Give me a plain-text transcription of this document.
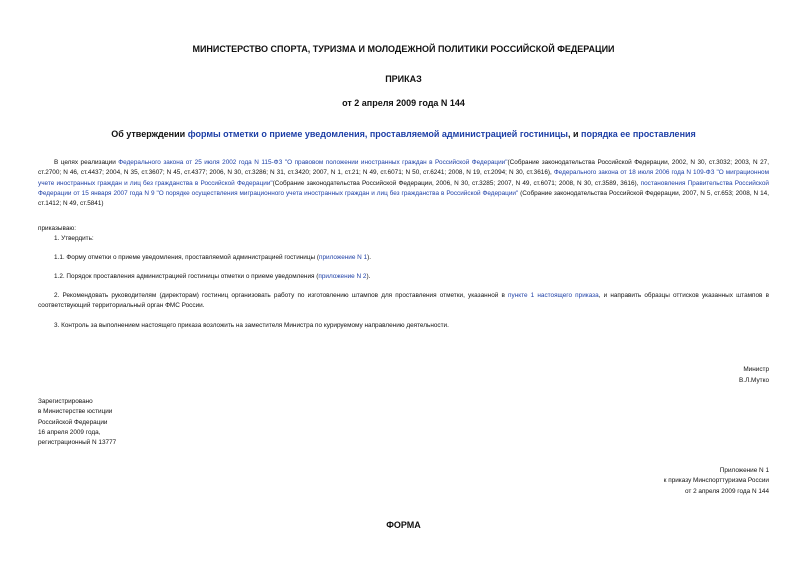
МИНИСТЕРСТВО СПОРТА, ТУРИЗМА И МОЛОДЕЖНОЙ ПОЛИТИКИ РОССИЙСКОЙ ФЕДЕРАЦИИ
ПРИКАЗ
от 2 апреля 2009 года N 144
Об утверждении формы отметки о приеме уведомления, проставляемой администрацией гостиницы, и порядка ее проставления
В целях реализации Федерального закона от 25 июля 2002 года N 115-ФЗ "О правовом положении иностранных граждан в Российской Федерации"(Собрание законодательства Российской Федерации, 2002, N 30, ст.3032; 2003, N 27, ст.2700; N 46, ст.4437; 2004, N 35, ст.3607; N 45, ст.4377; 2006, N 30, ст.3286; N 31, ст.3420; 2007, N 1, ст.21; N 49, ст.6071; N 50, ст.6241; 2008, N 19, ст.2094; N 30, ст.3616), Федерального закона от 18 июля 2006 года N 109-ФЗ "О миграционном учете иностранных граждан и лиц без гражданства в Российской Федерации"(Собрание законодательства Российской Федерации, 2006, N 30, ст.3285; 2007, N 49, ст.6071; 2008, N 30, ст.3589, 3616), постановления Правительства Российской Федерации от 15 января 2007 года N 9 "О порядке осуществления миграционного учета иностранных граждан и лиц без гражданства в Российской Федерации" (Собрание законодательства Российской Федерации, 2007, N 5, ст.653; 2008, N 14, ст.1412; N 49, ст.5841)
приказываю:
1. Утвердить:
1.1. Форму отметки о приеме уведомления, проставляемой администрацией гостиницы (приложение N 1).
1.2. Порядок проставления администрацией гостиницы отметки о приеме уведомления (приложение N 2).
2. Рекомендовать руководителям (директорам) гостиниц организовать работу по изготовлению штампов для проставления отметки, указанной в пункте 1 настоящего приказа, и направить образцы оттисков указанных штампов в соответствующий территориальный орган ФМС России.
3. Контроль за выполнением настоящего приказа возложить на заместителя Министра по курируемому направлению деятельности.
Министр
В.Л.Мутко
Зарегистрировано
в Министерстве юстиции
Российской Федерации
16 апреля 2009 года,
регистрационный N 13777
Приложение N 1
к приказу Минспорттуризма России
от 2 апреля 2009 года N 144
ФОРМА
